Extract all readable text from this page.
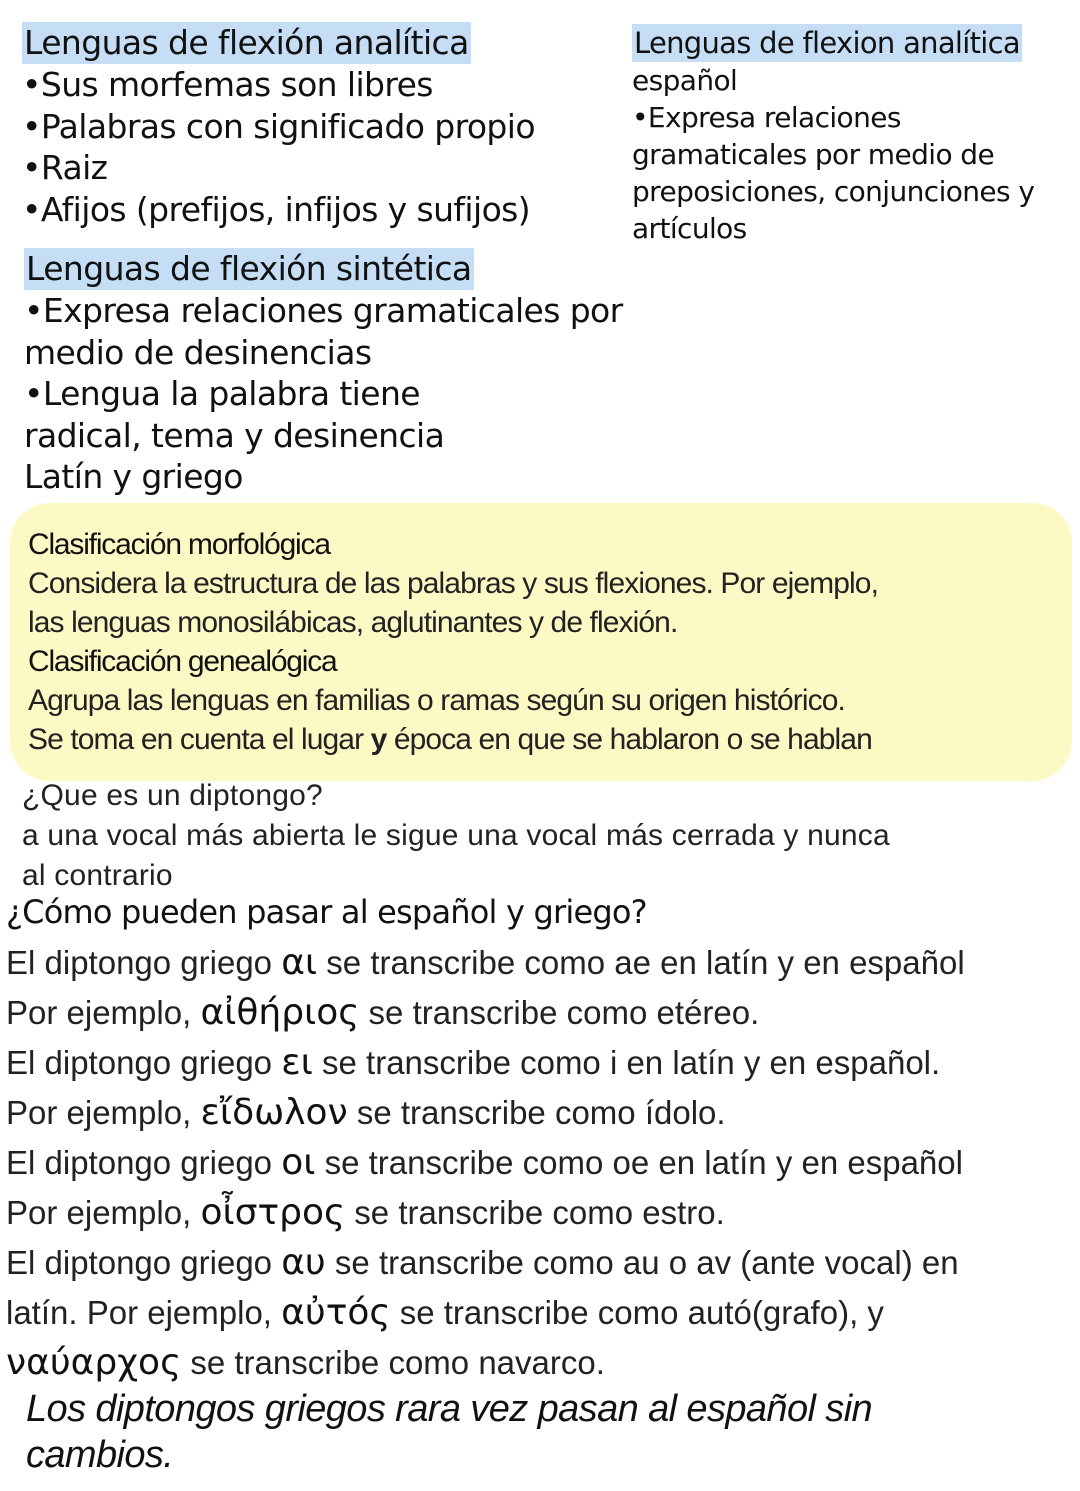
Lenguas de flexión analítica
•Sus morfemas son libres
•Palabras con significado propio
•Raiz
•Afijos (prefijos, infijos y sufijos)
Lenguas de flexion analítica
español
•Expresa relaciones
gramaticales por medio de
preposiciones, conjunciones y
artículos
Lenguas de flexión sintética
•Expresa relaciones gramaticales por
medio de desinencias
•Lengua la palabra tiene
radical, tema y desinencia
Latín y griego
Clasificación morfológica
Considera la estructura de las palabras y sus flexiones. Por ejemplo,
las lenguas monosilábicas, aglutinantes y de flexión.
Clasificación genealógica
Agrupa las lenguas en familias o ramas según su origen histórico.
Se toma en cuenta el lugar y época en que se hablaron o se hablan
¿Que es un diptongo?
a una vocal más abierta le sigue una vocal más cerrada y nunca
al contrario
¿Cómo pueden pasar al español y griego?
El diptongo griego αι se transcribe como ae en latín y en español
Por ejemplo, αἰθήριος se transcribe como etéreo.
El diptongo griego ει se transcribe como i en latín y en español.
Por ejemplo, εἴδωλον se transcribe como ídolo.
El diptongo griego οι se transcribe como oe en latín y en español
Por ejemplo, οἶστρος se transcribe como estro.
El diptongo griego αυ se transcribe como au o av (ante vocal) en
latín. Por ejemplo, αὐτός se transcribe como autó(grafo), y
ναύαρχος se transcribe como navarco.
Los diptongos griegos rara vez pasan al español sin
cambios.
